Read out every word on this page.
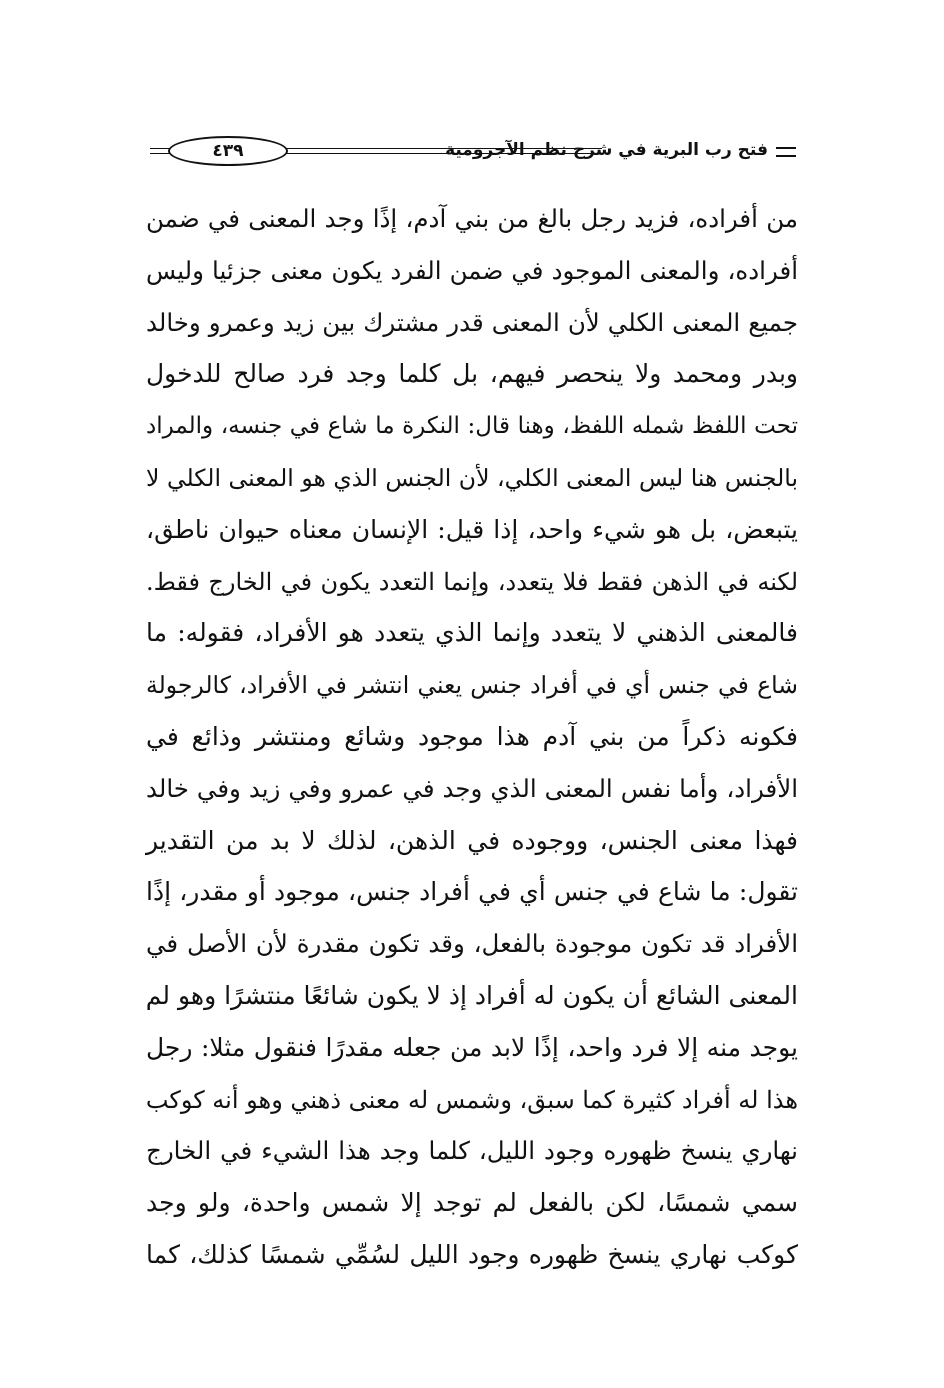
فتح رب البرية في شرح نظم الآجرومية
٤٣٩
من أفراده، فزيد رجل بالغ من بني آدم، إذًا وجد المعنى في ضمن
أفراده، والمعنى الموجود في ضمن الفرد يكون معنى جزئيا وليس
جميع المعنى الكلي لأن المعنى قدر مشترك بين زيد وعمرو وخالد
وبدر ومحمد ولا ينحصر فيهم، بل كلما وجد فرد صالح للدخول
تحت اللفظ شمله اللفظ، وهنا قال: النكرة ما شاع في جنسه، والمراد
بالجنس هنا ليس المعنى الكلي، لأن الجنس الذي هو المعنى الكلي لا
يتبعض، بل هو شيء واحد، إذا قيل: الإنسان معناه حيوان ناطق،
لكنه في الذهن فقط فلا يتعدد، وإنما التعدد يكون في الخارج فقط.
فالمعنى الذهني لا يتعدد وإنما الذي يتعدد هو الأفراد، فقوله: ما
شاع في جنس أي في أفراد جنس يعني انتشر في الأفراد، كالرجولة
فكونه ذكراً من بني آدم هذا موجود وشائع ومنتشر وذائع في
الأفراد، وأما نفس المعنى الذي وجد في عمرو وفي زيد وفي خالد
فهذا معنى الجنس، ووجوده في الذهن، لذلك لا بد من التقدير
تقول: ما شاع في جنس أي في أفراد جنس، موجود أو مقدر، إذًا
الأفراد قد تكون موجودة بالفعل، وقد تكون مقدرة لأن الأصل في
المعنى الشائع أن يكون له أفراد إذ لا يكون شائعًا منتشرًا وهو لم
يوجد منه إلا فرد واحد، إذًا لابد من جعله مقدرًا فنقول مثلا: رجل
هذا له أفراد كثيرة كما سبق، وشمس له معنى ذهني وهو أنه كوكب
نهاري ينسخ ظهوره وجود الليل، كلما وجد هذا الشيء في الخارج
سمي شمسًا، لكن بالفعل لم توجد إلا شمس واحدة، ولو وجد
كوكب نهاري ينسخ ظهوره وجود الليل لسُمِّي شمسًا كذلك، كما
